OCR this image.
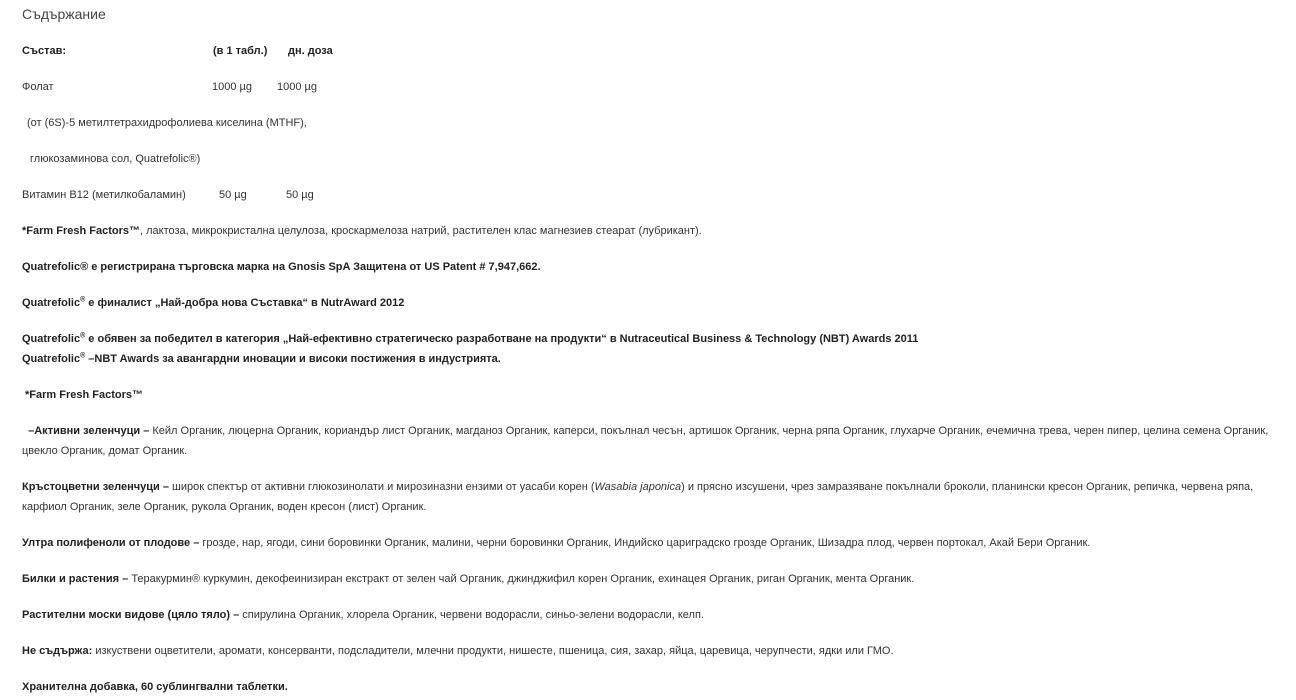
Съдържание
Състав:	(в 1 табл.) дн. доза
Фолат	1000 µg 1000 µg
(от (6S)-5 метилтетрахидрофолиева киселина (MTHF),
глюкозаминова сол, Quatrefolic®)
Витамин В12 (метилкобаламин)	50 µg	50 µg
*Farm Fresh Factors™, лактоза, микрокристална целулоза, кроскармелоза натрий, растителен клас магнезиев стеарат (лубрикант).
Quatrefolic® е регистрирана търговска марка на Gnosis SpA Защитена от US Patent # 7,947,662.
Quatrefolic® е финалист „Най-добра нова Съставка“ в NutrAward 2012
Quatrefolic® е обявен за победител в категория „Най-ефективно стратегическо разработване на продукти“ в Nutraceutical Business & Technology (NBT) Awards 2011
Quatrefolic® –NBT Awards за авангардни иновации и високи постижения в индустрията.
*Farm Fresh Factors™
–Активни зеленчуци – Кейл Органик, люцерна Органик, кориандър лист Органик, магданоз Органик, каперси, покълнал чесън, артишок Органик, черна ряпа Органик, глухарче Органик, ечемична трева, черен пипер, целина семена Органик, цвекло Органик, домат Органик.
Кръстоцветни зеленчуци – широк спектър от активни глюкозинолати и мирозиназни ензими от уасаби корен (Wasabia japonica) и прясно изсушени, чрез замразяване покълнали броколи, планински кресон Органик, репичка, червена ряпа, карфиол Органик, зеле Органик, рукола Органик, воден кресон (лист) Органик.
Ултра полифеноли от плодове – грозде, нар, ягоди, сини боровинки Органик, малини, черни боровинки Органик, Индийско цариградско грозде Органик, Шизадра плод, червен портокал, Акай Бери Органик.
Билки и растения – Теракурмин® куркумин, декофеинизиран екстракт от зелен чай Органик, джинджифил корен Органик, ехинацея Органик, риган Органик, мента Органик.
Растителни моски видове (цяло тяло) – спирулина Органик, хлорела Органик, червени водорасли, синьо-зелени водорасли, келп.
Не съдържа: изкуствени оцветители, аромати, консерванти, подсладители, млечни продукти, нишесте, пшеница, сия, захар, яйца, царевица, черупчести, ядки или ГМО.
Хранителна добавка, 60 сублингвални таблетки.
